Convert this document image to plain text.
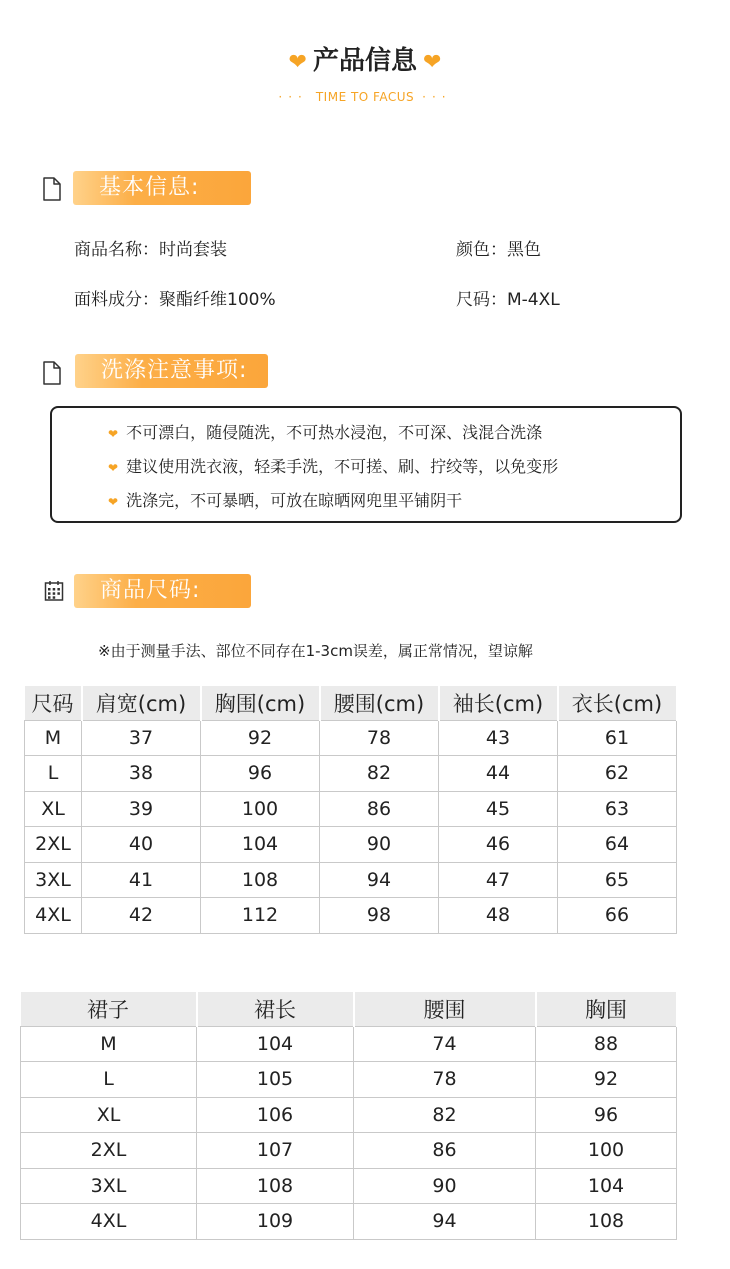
❤ 产品信息 ❤
··· TIME TO FACUS ···
基本信息:
商品名称：时尚套装	颜色：黑色
面料成分：聚酯纤维100%	尺码：M-4XL
洗涤注意事项:
❤ 不可漂白，随侵随洗，不可热水浸泡，不可深、浅混合洗涤
❤ 建议使用洗衣液，轻柔手洗，不可搓、刷、拧绞等，以免变形
❤ 洗涤完，不可暴晒，可放在晾晒网兜里平铺阴干
商品尺码:
※由于测量手法、部位不同存在1-3cm误差，属正常情况，望谅解
尺码	肩宽(cm)	胸围(cm)	腰围(cm)	袖长(cm)	衣长(cm)
M	37	92	78	43	61
L	38	96	82	44	62
XL	39	100	86	45	63
2XL	40	104	90	46	64
3XL	41	108	94	47	65
4XL	42	112	98	48	66
裙子	裙长	腰围	胸围
M	104	74	88
L	105	78	92
XL	106	82	96
2XL	107	86	100
3XL	108	90	104
4XL	109	94	108
